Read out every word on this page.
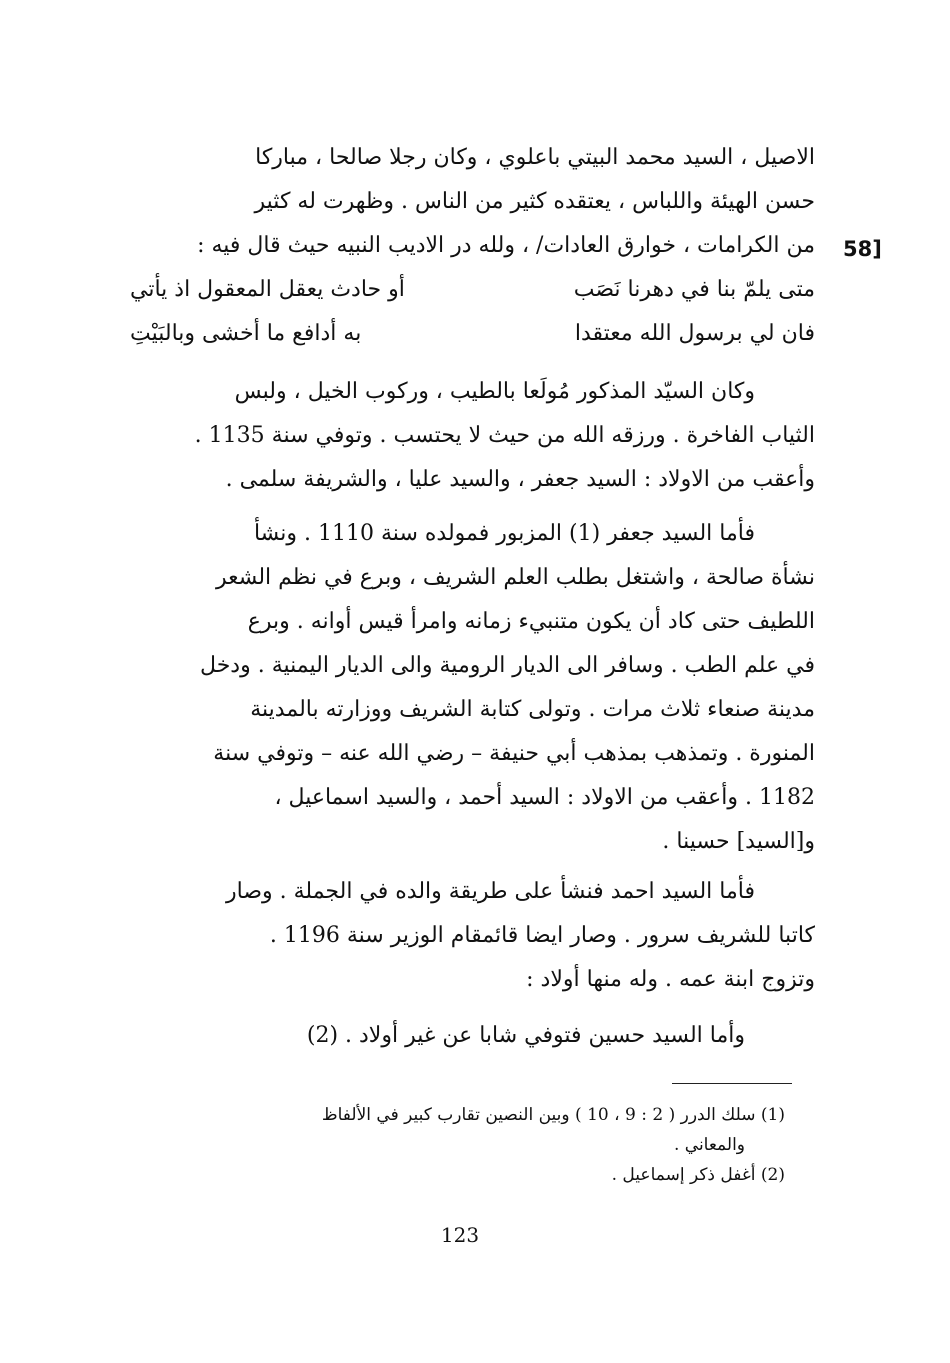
الاصيل ، السيد محمد البيتي باعلوي ، وكان رجلا صالحا ، مباركا
حسن الهيئة واللباس ، يعتقده كثير من الناس . وظهرت له كثير
من الكرامات ، خوارق العادات/ ، ولله در الاديب النبيه حيث قال فيه :
متى يلمّ بنا في دهرنا نَصَب
أو حادث يعقل المعقول اذ يأتي
فان لي برسول الله معتقدا
به أدافع ما أخشى وبالبَيْتِ
58]
وكان السيّد المذكور مُولَعا بالطيب ، وركوب الخيل ، ولبس
الثياب الفاخرة . ورزقه الله من حيث لا يحتسب . وتوفي سنة 1135 .
وأعقب من الاولاد : السيد جعفر ، والسيد عليا ، والشريفة سلمى .
فأما السيد جعفر (1) المزبور فمولده سنة 1110 . ونشأ
نشأة صالحة ، واشتغل بطلب العلم الشريف ، وبرع في نظم الشعر
اللطيف حتى كاد أن يكون متنبيء زمانه وامرأ قيس أوانه . وبرع
في علم الطب . وسافر الى الديار الرومية والى الديار اليمنية . ودخل
مدينة صنعاء ثلاث مرات . وتولى كتابة الشريف ووزارته بالمدينة
المنورة . وتمذهب بمذهب أبي حنيفة – رضي الله عنه – وتوفي سنة
1182 . وأعقب من الاولاد : السيد أحمد ، والسيد اسماعيل ،
و[السيد] حسينا .
فأما السيد احمد فنشأ على طريقة والده في الجملة . وصار
كاتبا للشريف سرور . وصار ايضا قائمقام الوزير سنة 1196 .
وتزوج ابنة عمه . وله منها أولاد :
وأما السيد حسين فتوفي شابا عن غير أولاد . (2)
(1) سلك الدرر ( 2 : 9 ، 10 ) وبين النصين تقارب كبير في الألفاظ
والمعاني .
(2) أغفل ذكر إسماعيل .
123
